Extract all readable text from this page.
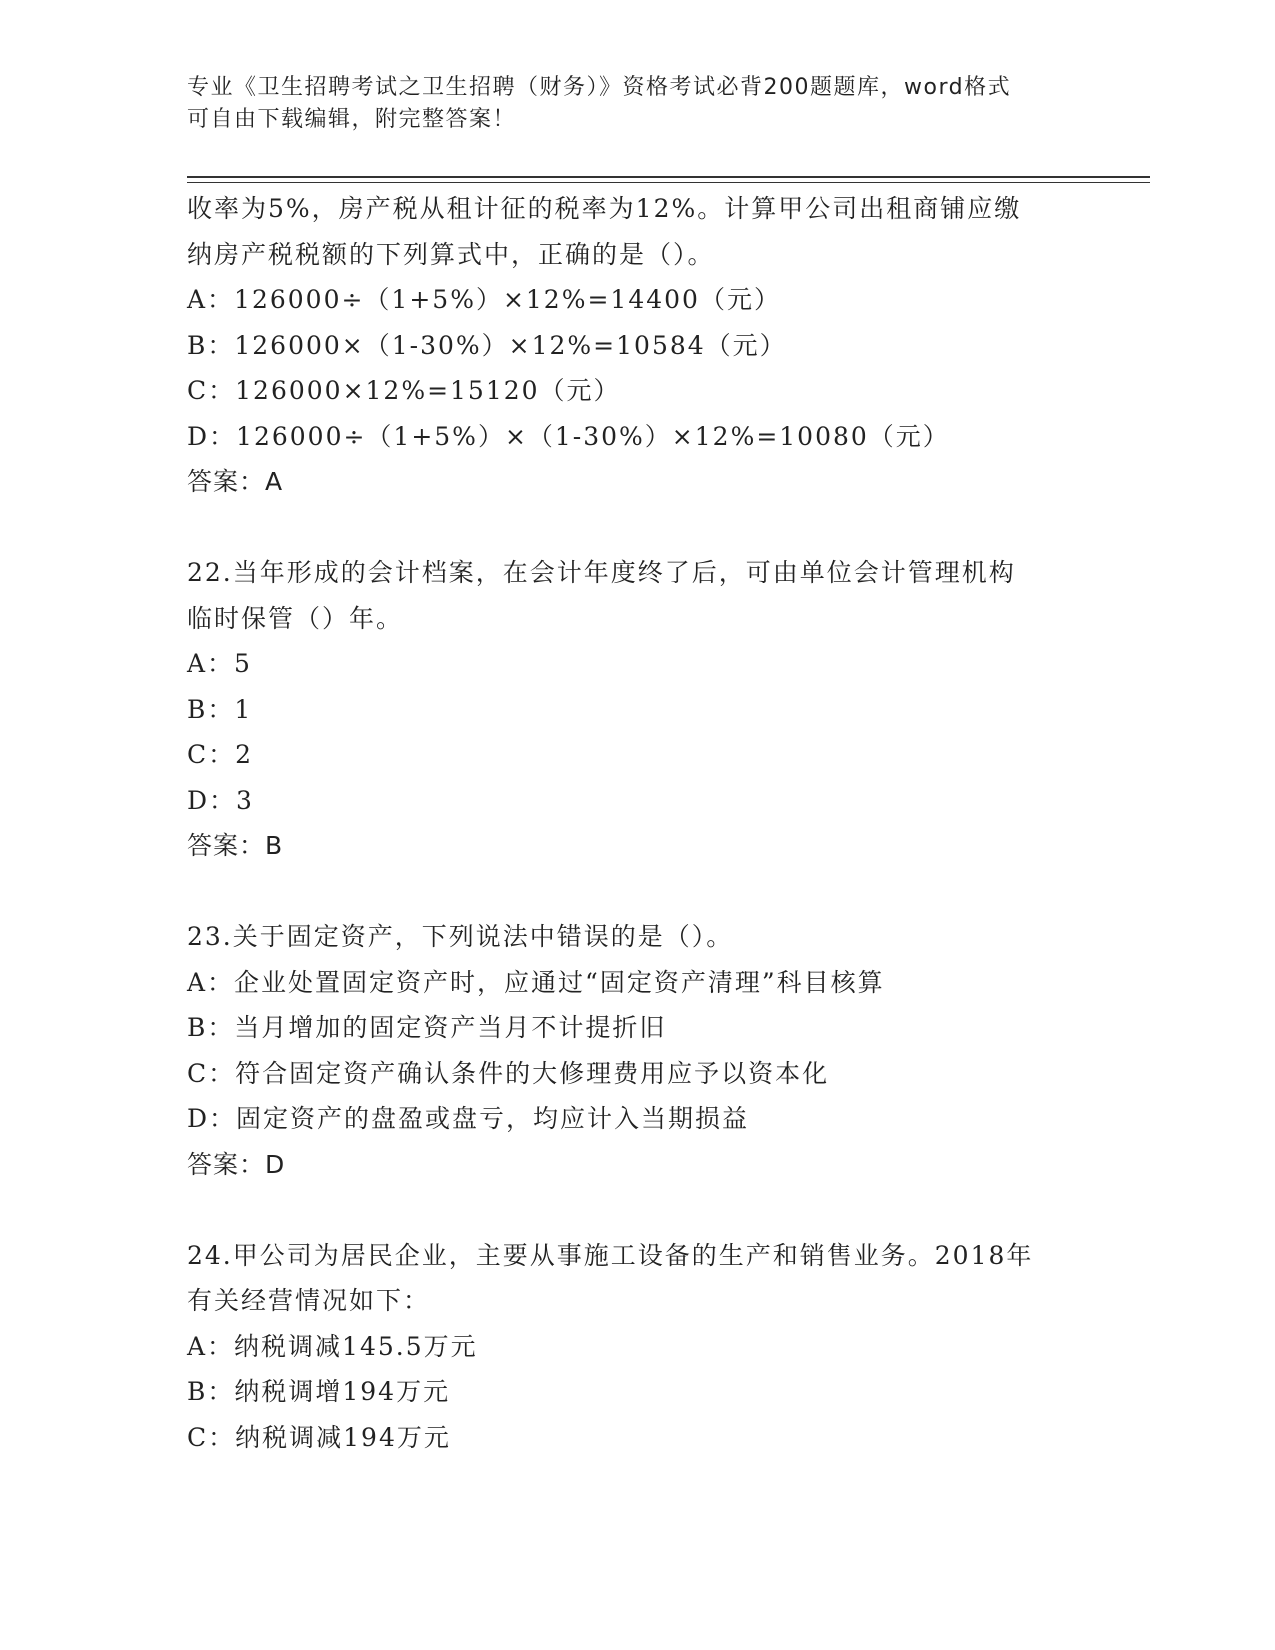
专业《卫生招聘考试之卫生招聘（财务）》资格考试必背200题题库，word格式
可自由下载编辑，附完整答案！
收率为5%，房产税从租计征的税率为12%。计算甲公司出租商铺应缴
纳房产税税额的下列算式中，正确的是（）。
A：126000÷（1+5%）×12%=14400（元）
B：126000×（1-30%）×12%=10584（元）
C：126000×12%=15120（元）
D：126000÷（1+5%）×（1-30%）×12%=10080（元）
答案：A
22.当年形成的会计档案，在会计年度终了后，可由单位会计管理机构
临时保管（）年。
A：5
B：1
C：2
D：3
答案：B
23.关于固定资产，下列说法中错误的是（）。
A：企业处置固定资产时，应通过“固定资产清理”科目核算
B：当月增加的固定资产当月不计提折旧
C：符合固定资产确认条件的大修理费用应予以资本化
D：固定资产的盘盈或盘亏，均应计入当期损益
答案：D
24.甲公司为居民企业，主要从事施工设备的生产和销售业务。2018年
有关经营情况如下：
A：纳税调减145.5万元
B：纳税调增194万元
C：纳税调减194万元
